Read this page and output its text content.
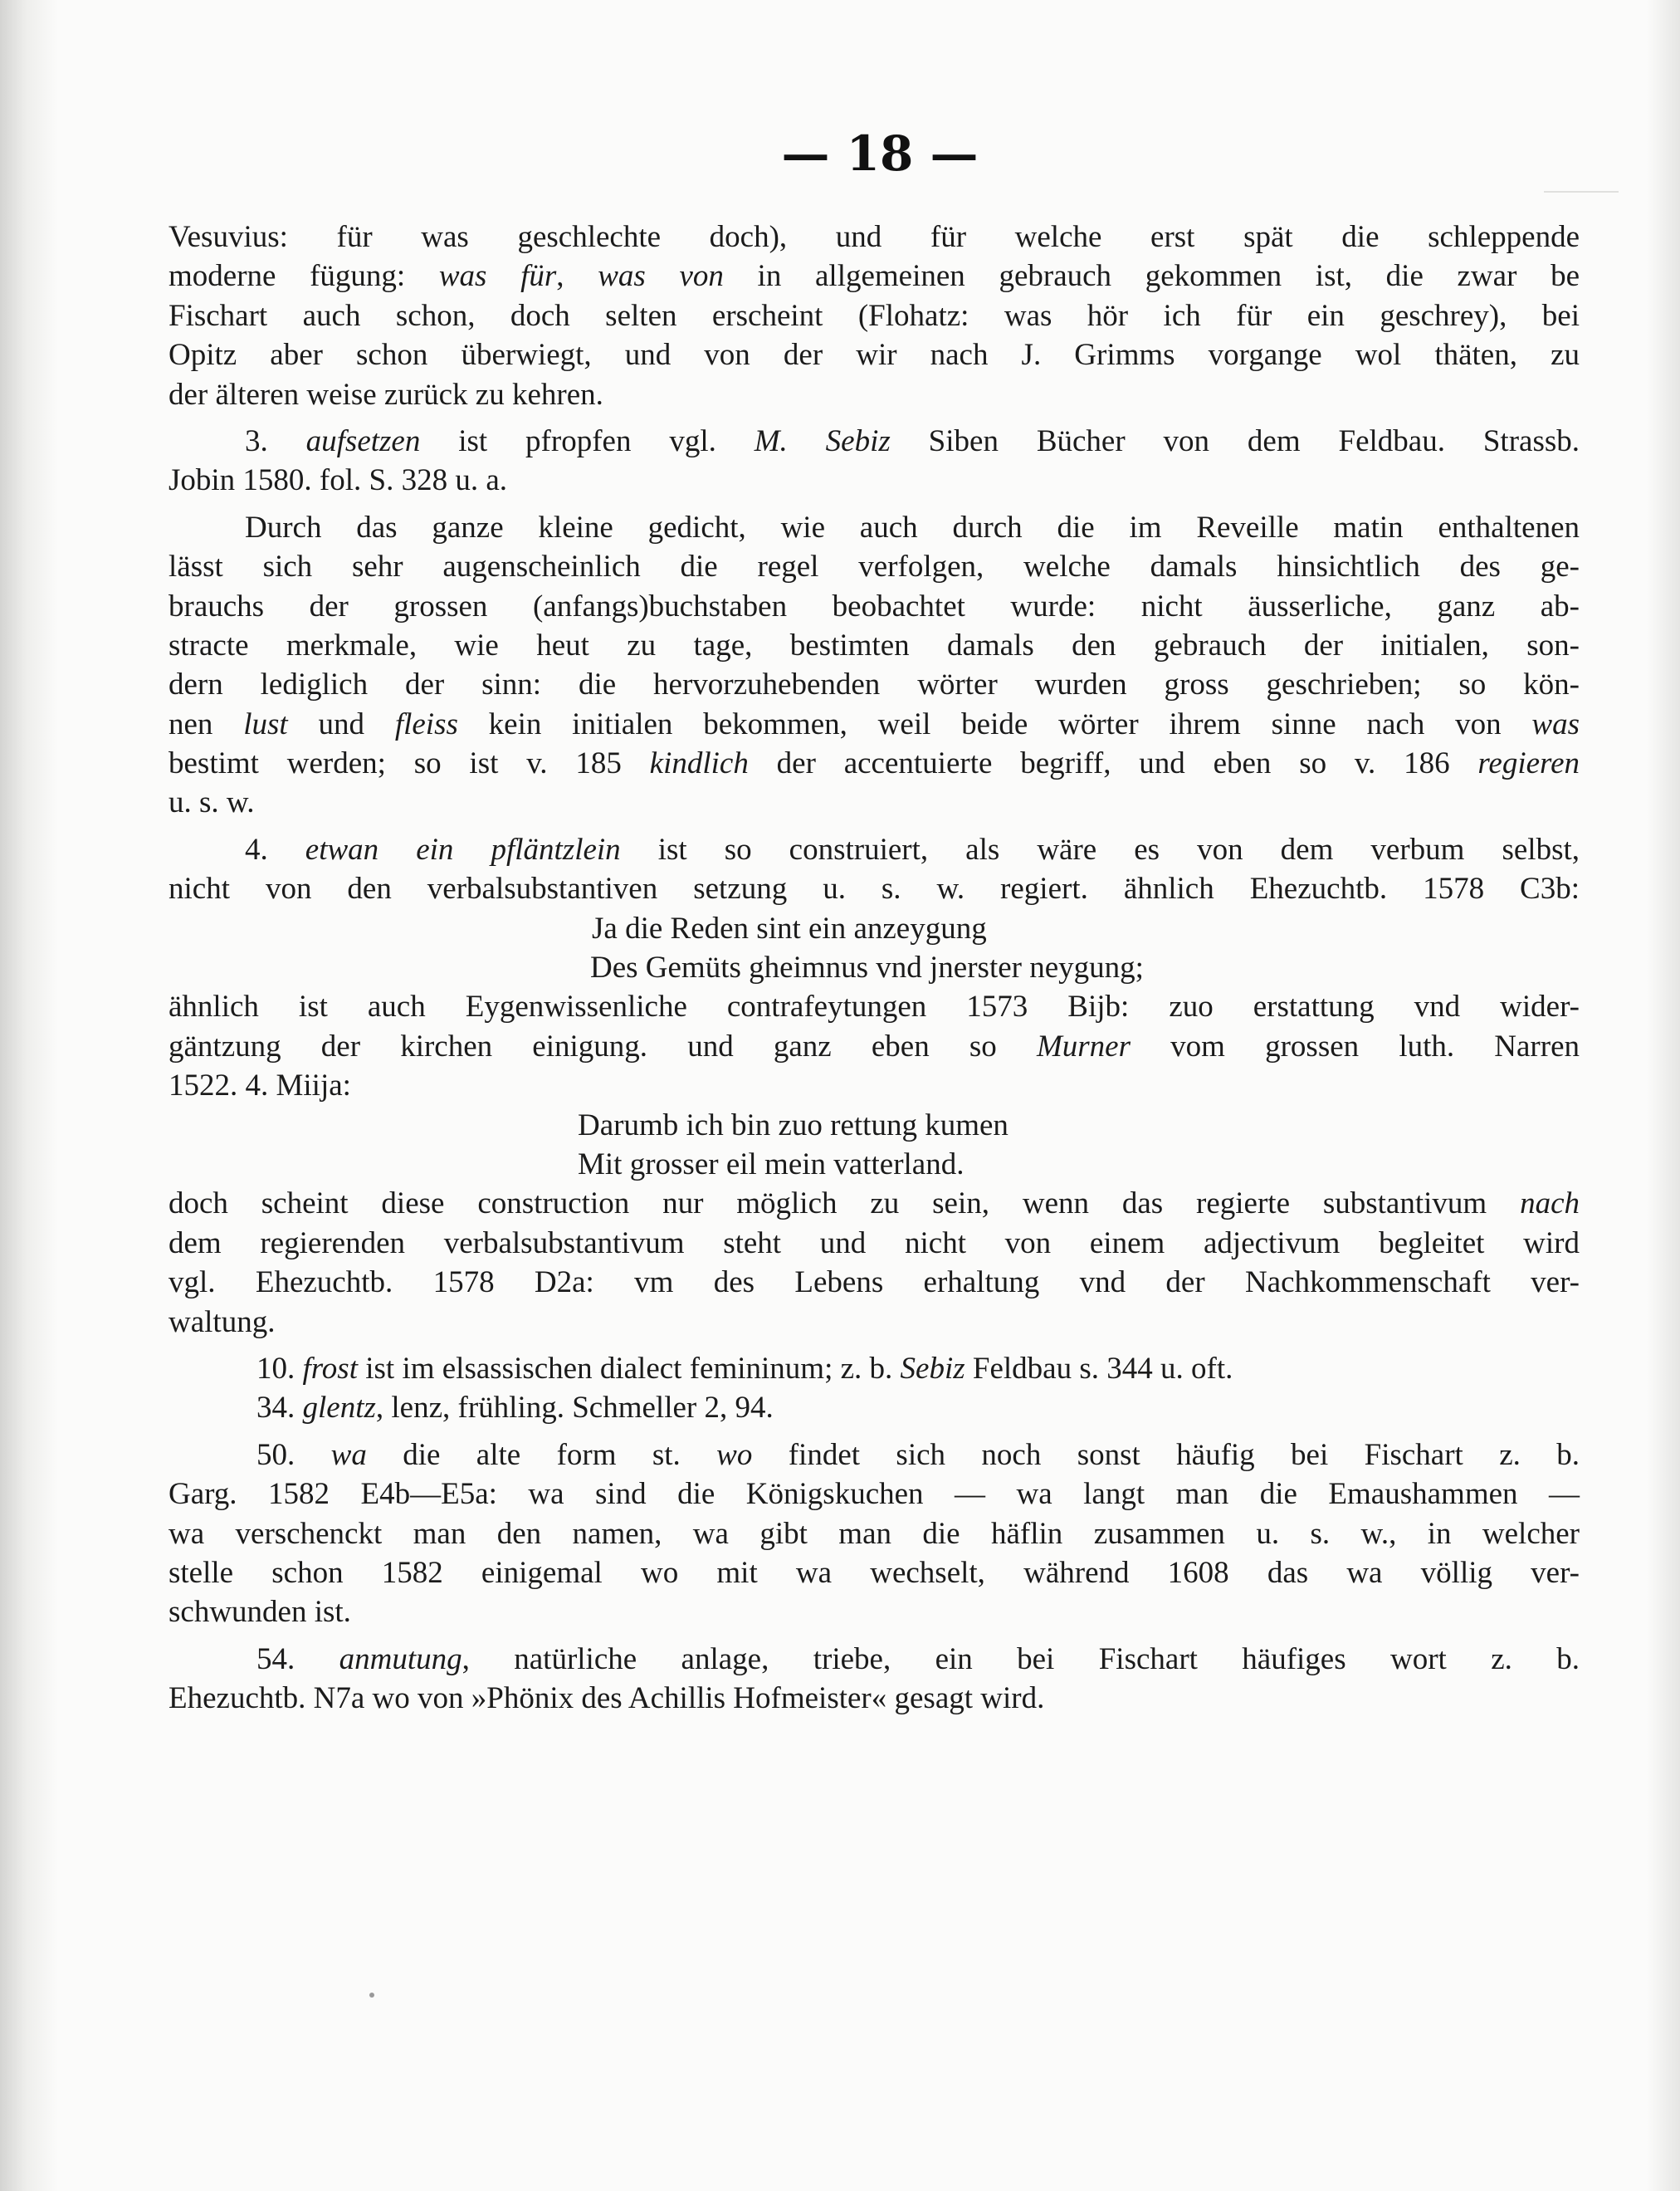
— 18 —

Vesuvius: für was geschlechte doch), und für welche erst spät die schleppende
moderne fügung: was für, was von in allgemeinen gebrauch gekommen ist, die zwar be
Fischart auch schon, doch selten erscheint (Flohatz: was hör ich für ein geschrey), bei
Opitz aber schon überwiegt, und von der wir nach J. Grimms vorgange wol thäten, zu
der älteren weise zurück zu kehren.

3. aufsetzen ist pfropfen vgl. M. Sebiz Siben Bücher von dem Feldbau. Strassb.
Jobin 1580. fol. S. 328 u. a.

Durch das ganze kleine gedicht, wie auch durch die im Reveille matin enthaltenen
lässt sich sehr augenscheinlich die regel verfolgen, welche damals hinsichtlich des ge-
brauchs der grossen (anfangs)buchstaben beobachtet wurde: nicht äusserliche, ganz ab-
stracte merkmale, wie heut zu tage, bestimten damals den gebrauch der initialen, son-
dern lediglich der sinn: die hervorzuhebenden wörter wurden gross geschrieben; so kön-
nen lust und fleiss kein initialen bekommen, weil beide wörter ihrem sinne nach von was
bestimt werden; so ist v. 185 kindlich der accentuierte begriff, und eben so v. 186 regieren
u. s. w.

4. etwan ein pfläntzlein ist so construiert, als wäre es von dem verbum selbst,
nicht von den verbalsubstantiven setzung u. s. w. regiert. ähnlich Ehezuchtb. 1578 C3b:

Ja die Reden sint ein anzeygung
Des Gemüts gheimnus vnd jnerster neygung;

ähnlich ist auch Eygenwissenliche contrafeytungen 1573 Bijb: zuo erstattung vnd wider-
gäntzung der kirchen einigung. und ganz eben so Murner vom grossen luth. Narren
1522. 4. Miija:

Darumb ich bin zuo rettung kumen
Mit grosser eil mein vatterland.

doch scheint diese construction nur möglich zu sein, wenn das regierte substantivum nach
dem regierenden verbalsubstantivum steht und nicht von einem adjectivum begleitet wird
vgl. Ehezuchtb. 1578 D2a: vm des Lebens erhaltung vnd der Nachkommenschaft ver-
waltung.

10. frost ist im elsassischen dialect femininum; z. b. Sebiz Feldbau s. 344 u. oft.
34. glentz, lenz, frühling. Schmeller 2, 94.

50. wa die alte form st. wo findet sich noch sonst häufig bei Fischart z. b.
Garg. 1582 E4b—E5a: wa sind die Königskuchen — wa langt man die Emaushammen —
wa verschenckt man den namen, wa gibt man die häflin zusammen u. s. w., in welcher
stelle schon 1582 einigemal wo mit wa wechselt, während 1608 das wa völlig ver-
schwunden ist.

54. anmutung, natürliche anlage, triebe, ein bei Fischart häufiges wort z. b.
Ehezuchtb. N7a wo von »Phönix des Achillis Hofmeister« gesagt wird.
